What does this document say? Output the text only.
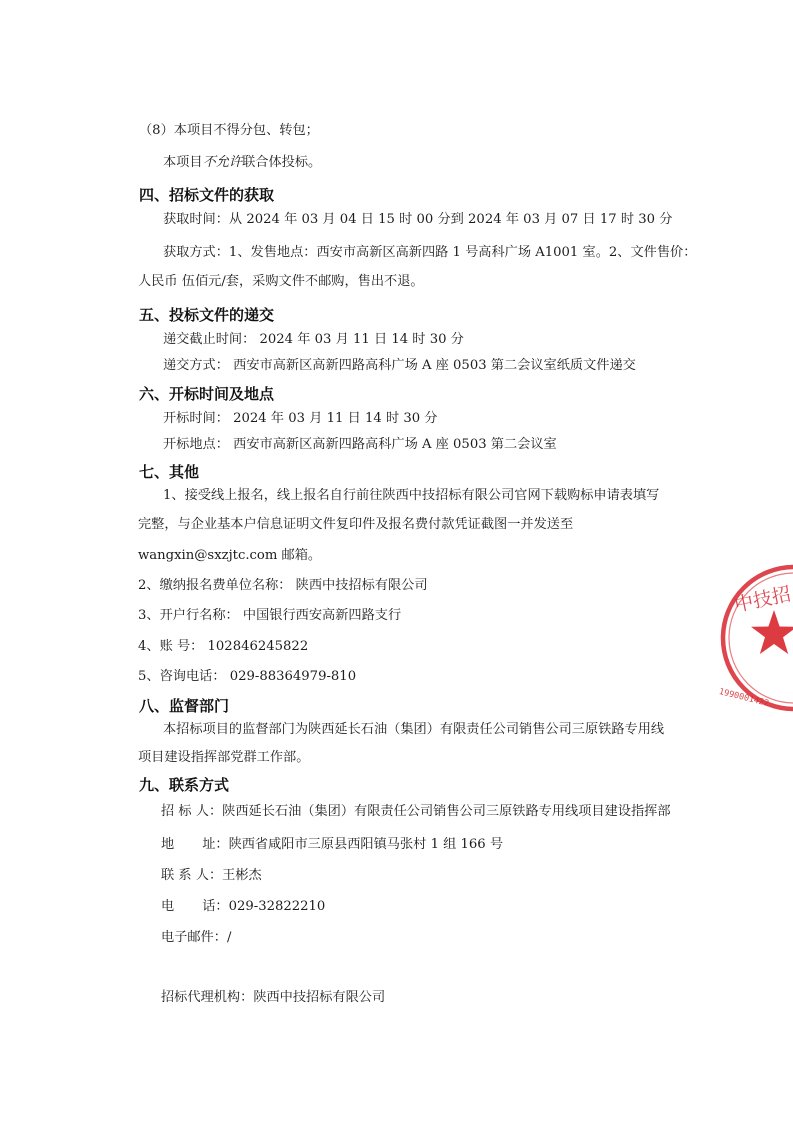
（8）本项目不得分包、转包；
本项目不允许联合体投标。
四、招标文件的获取
获取时间：从 2024 年 03 月 04 日 15 时 00 分到 2024 年 03 月 07 日 17 时 30 分
获取方式：1、发售地点：西安市高新区高新四路 1 号高科广场 A1001 室。2、文件售价：
人民币 伍佰元/套，采购文件不邮购，售出不退。
五、投标文件的递交
递交截止时间： 2024 年 03 月 11 日 14 时 30 分
递交方式： 西安市高新区高新四路高科广场 A 座 0503 第二会议室纸质文件递交
六、开标时间及地点
开标时间： 2024 年 03 月 11 日 14 时 30 分
开标地点： 西安市高新区高新四路高科广场 A 座 0503 第二会议室
七、其他
1、接受线上报名，线上报名自行前往陕西中技招标有限公司官网下载购标申请表填写
完整，与企业基本户信息证明文件复印件及报名费付款凭证截图一并发送至
wangxin@sxzjtc.com 邮箱。
2、缴纳报名费单位名称： 陕西中技招标有限公司
3、开户行名称： 中国银行西安高新四路支行
4、账 号： 102846245822
5、咨询电话： 029-88364979-810
八、监督部门
本招标项目的监督部门为陕西延长石油（集团）有限责任公司销售公司三原铁路专用线
项目建设指挥部党群工作部。
九、联系方式
招 标 人：陕西延长石油（集团）有限责任公司销售公司三原铁路专用线项目建设指挥部
地 址：陕西省咸阳市三原县西阳镇马张村 1 组 166 号
联 系 人：王彬杰
电 话：029-32822210
电子邮件：/
招标代理机构：陕西中技招标有限公司
中技招
1990001422
